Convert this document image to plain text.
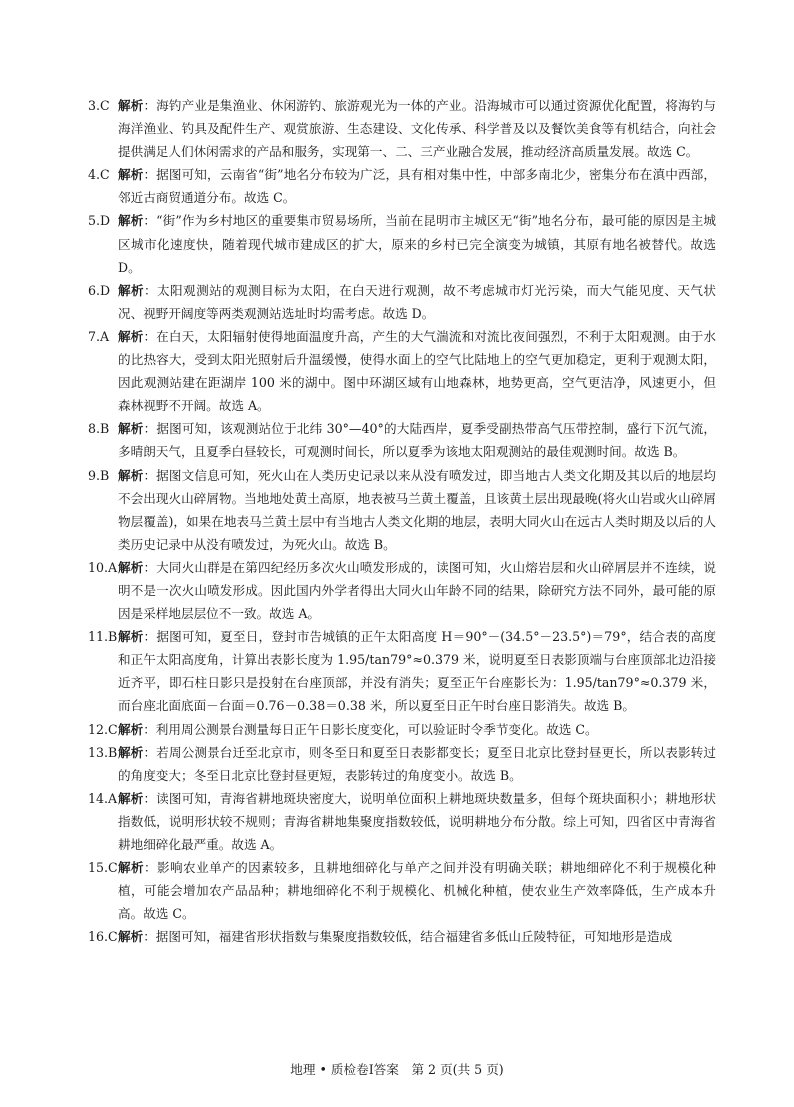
3.C 解析：海钓产业是集渔业、休闲游钓、旅游观光为一体的产业。沿海城市可以通过资源优化配置，将海钓与海洋渔业、钓具及配件生产、观赏旅游、生态建设、文化传承、科学普及以及餐饮美食等有机结合，向社会提供满足人们休闲需求的产品和服务，实现第一、二、三产业融合发展，推动经济高质量发展。故选 C。
4.C 解析：据图可知，云南省“街”地名分布较为广泛，具有相对集中性，中部多南北少，密集分布在滇中西部，邻近古商贸通道分布。故选 C。
5.D 解析：“街”作为乡村地区的重要集市贸易场所，当前在昆明市主城区无“街”地名分布，最可能的原因是主城区城市化速度快，随着现代城市建成区的扩大，原来的乡村已完全演变为城镇，其原有地名被替代。故选 D。
6.D 解析：太阳观测站的观测目标为太阳，在白天进行观测，故不考虑城市灯光污染，而大气能见度、天气状况、视野开阔度等两类观测站选址时均需考虑。故选 D。
7.A 解析：在白天，太阳辐射使得地面温度升高，产生的大气湍流和对流比夜间强烈，不利于太阳观测。由于水的比热容大，受到太阳光照射后升温缓慢，使得水面上的空气比陆地上的空气更加稳定，更利于观测太阳，因此观测站建在距湖岸 100 米的湖中。图中环湖区域有山地森林，地势更高，空气更洁净，风速更小，但森林视野不开阔。故选 A。
8.B 解析：据图可知，该观测站位于北纬 30°—40°的大陆西岸，夏季受副热带高气压带控制，盛行下沉气流，多晴朗天气，且夏季白昼较长，可观测时间长，所以夏季为该地太阳观测站的最佳观测时间。故选 B。
9.B 解析：据图文信息可知，死火山在人类历史记录以来从没有喷发过，即当地古人类文化期及其以后的地层均不会出现火山碎屑物。当地地处黄土高原，地表被马兰黄土覆盖，且该黄土层出现最晚(将火山岩或火山碎屑物层覆盖)，如果在地表马兰黄土层中有当地古人类文化期的地层，表明大同火山在远古人类时期及以后的人类历史记录中从没有喷发过，为死火山。故选 B。
10.A 解析：大同火山群是在第四纪经历多次火山喷发形成的，读图可知，火山熔岩层和火山碎屑层并不连续，说明不是一次火山喷发形成。因此国内外学者得出大同火山年龄不同的结果，除研究方法不同外，最可能的原因是采样地层层位不一致。故选 A。
11.B 解析：据图可知，夏至日，登封市告城镇的正午太阳高度 H＝90°－(34.5°－23.5°)＝79°，结合表的高度和正午太阳高度角，计算出表影长度为 1.95/tan79°≈0.379 米，说明夏至日表影顶端与台座顶部北边沿接近齐平，即石柱日影只是投射在台座顶部，并没有消失；夏至正午台座影长为：1.95/tan79°≈0.379 米，而台座北面底面－台面＝0.76－0.38＝0.38 米，所以夏至日正午时台座日影消失。故选 B。
12.C 解析：利用周公测景台测量每日正午日影长度变化，可以验证时令季节变化。故选 C。
13.B 解析：若周公测景台迁至北京市，则冬至日和夏至日表影都变长；夏至日北京比登封昼更长，所以表影转过的角度变大；冬至日北京比登封昼更短，表影转过的角度变小。故选 B。
14.A 解析：读图可知，青海省耕地斑块密度大，说明单位面积上耕地斑块数量多，但每个斑块面积小；耕地形状指数低，说明形状较不规则；青海省耕地集聚度指数较低，说明耕地分布分散。综上可知，四省区中青海省耕地细碎化最严重。故选 A。
15.C 解析：影响农业单产的因素较多，且耕地细碎化与单产之间并没有明确关联；耕地细碎化不利于规模化种植，可能会增加农产品品种；耕地细碎化不利于规模化、机械化种植，使农业生产效率降低，生产成本升高。故选 C。
16.C 解析：据图可知，福建省形状指数与集聚度指数较低，结合福建省多低山丘陵特征，可知地形是造成
地理 • 质检卷Ⅰ答案　第 2 页(共 5 页)
